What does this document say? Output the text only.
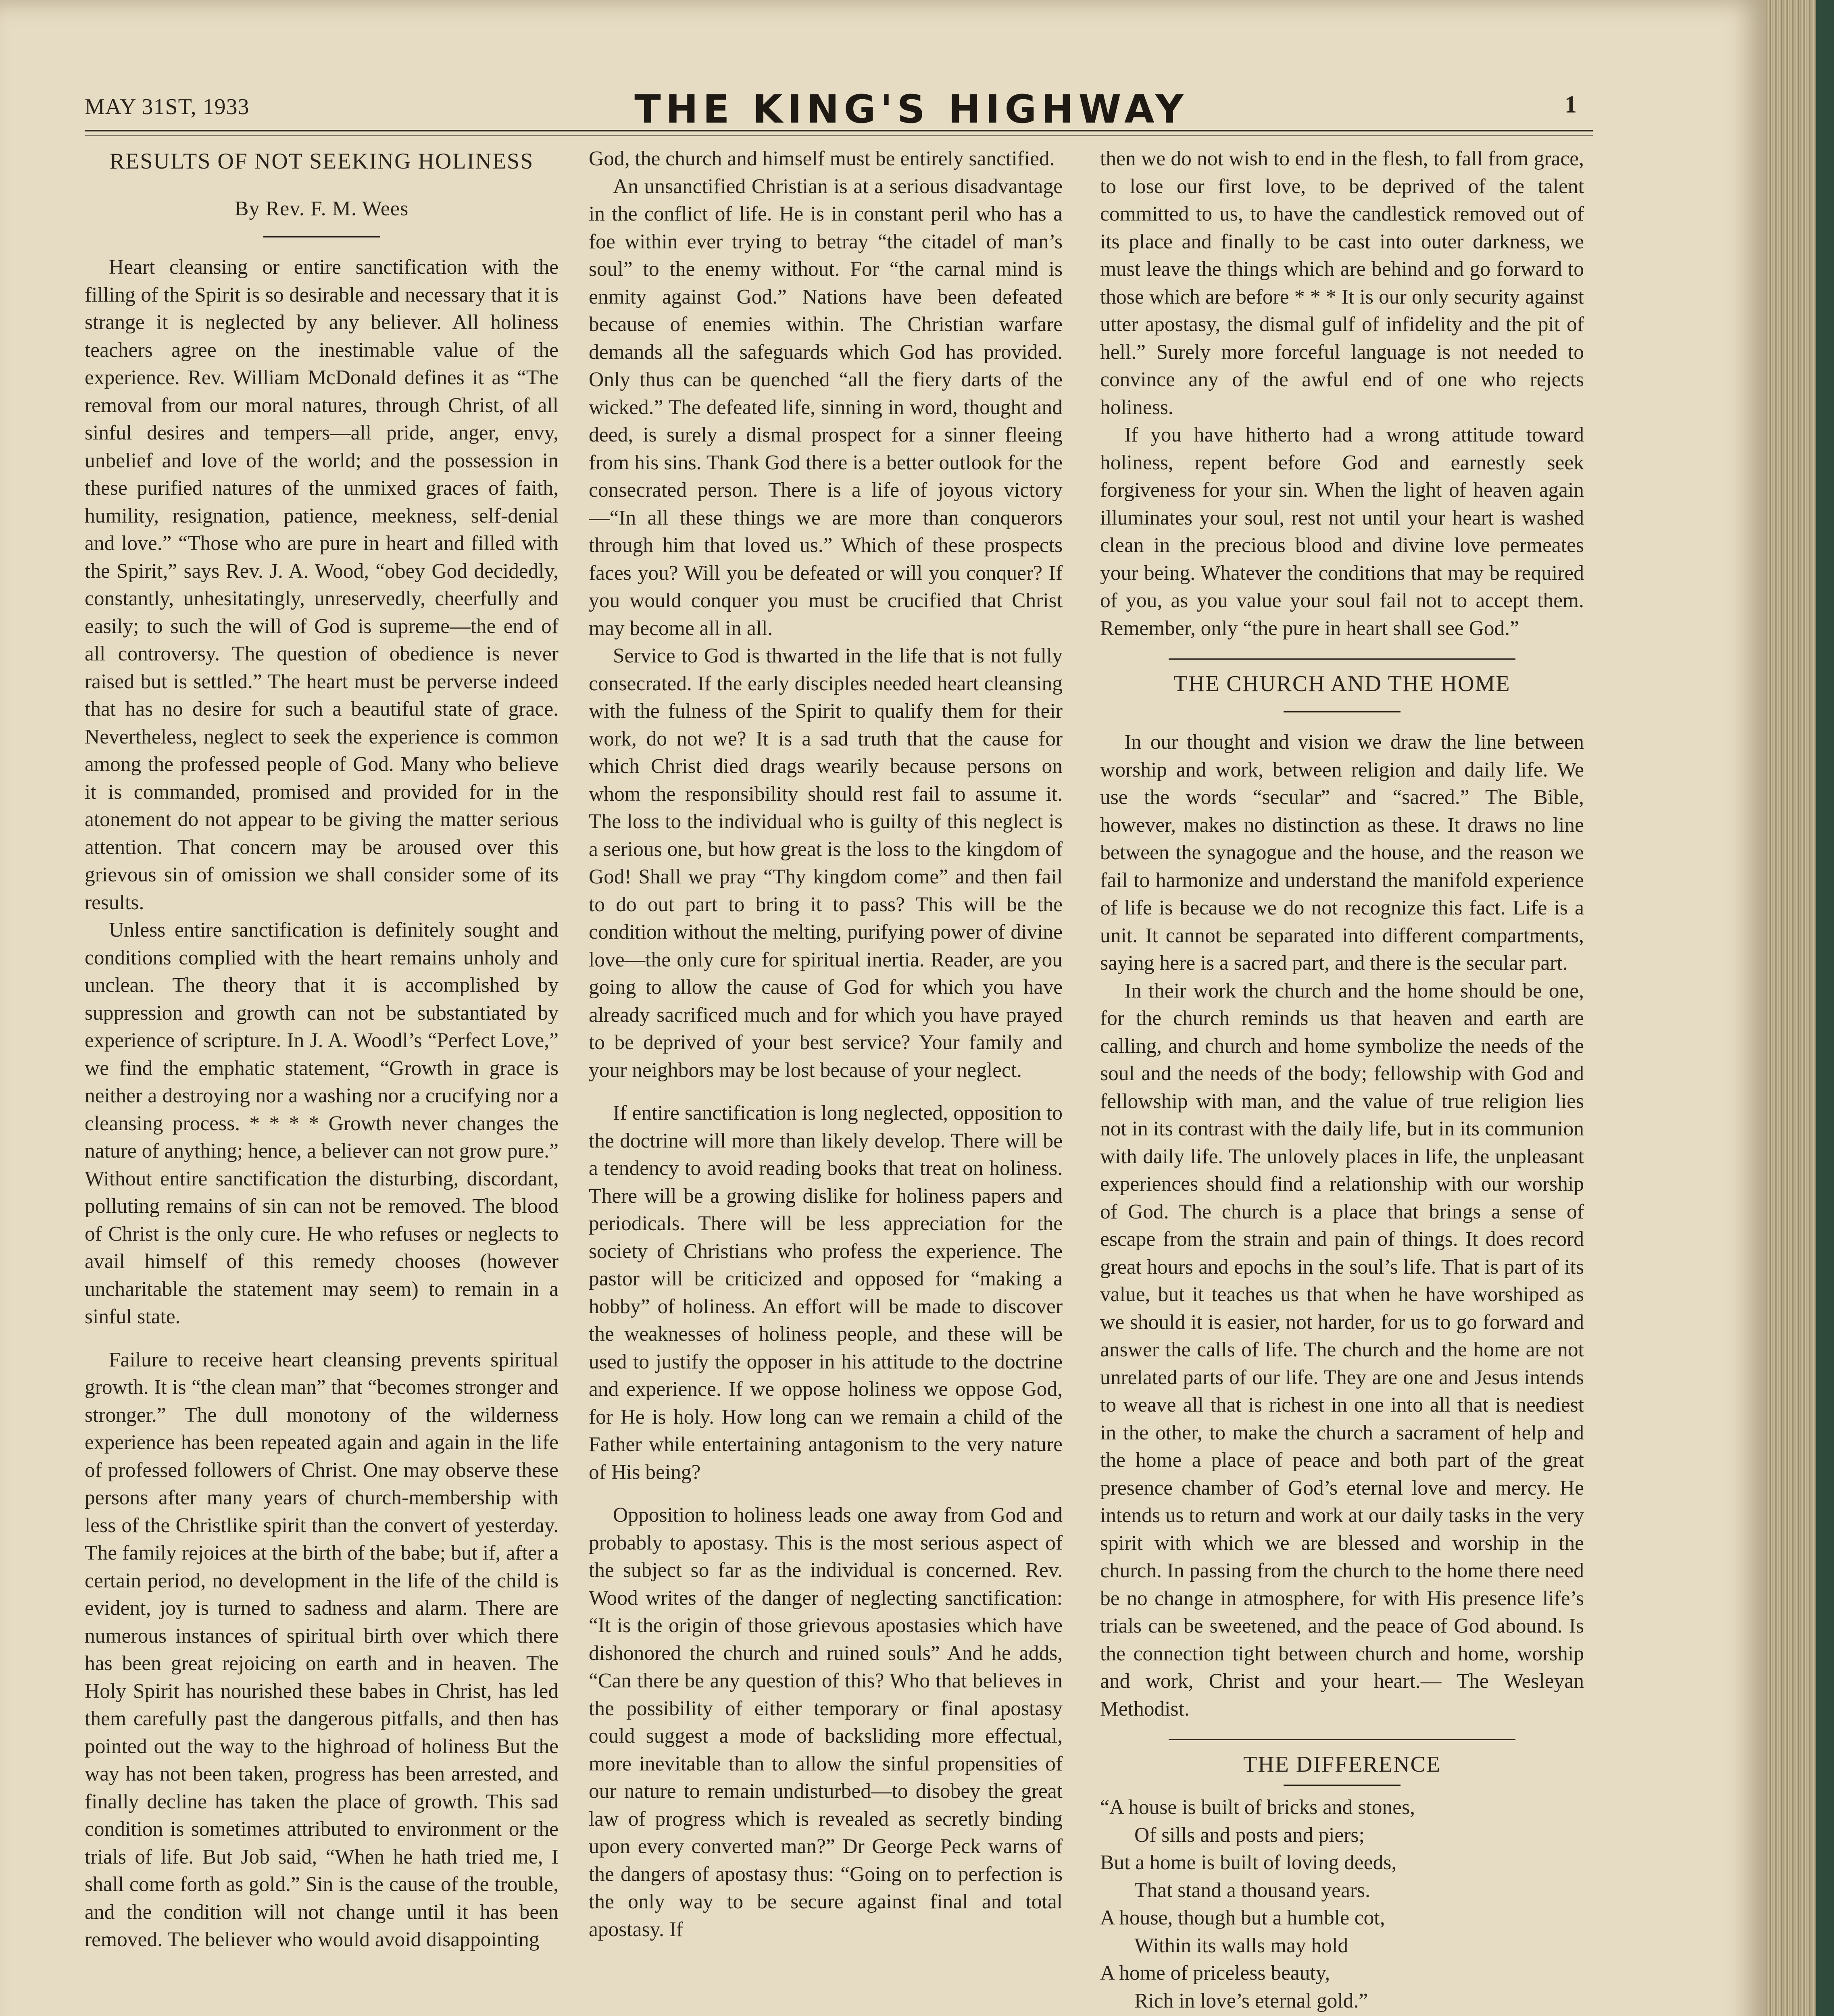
MAY 31ST, 1933	THE KING'S HIGHWAY	1
RESULTS OF NOT SEEKING HOLINESS
By Rev. F. M. Wees

Heart cleansing or entire sanctification with the filling of the Spirit is so desirable and necessary that it is strange it is neglected by any believer. All holiness teachers agree on the inestimable value of the experience. Rev. William McDonald defines it as “The removal from our moral natures, through Christ, of all sinful desires and tempers—all pride, anger, envy, unbelief and love of the world; and the possession in these purified natures of the unmixed graces of faith, humility, resignation, patience, meekness, self-denial and love.” “Those who are pure in heart and filled with the Spirit,” says Rev. J. A. Wood, “obey God decidedly, constantly, unhesitatingly, unreservedly, cheerfully and easily; to such the will of God is supreme—the end of all controversy. The question of obedience is never raised but is settled.” The heart must be perverse indeed that has no desire for such a beautiful state of grace. Nevertheless, neglect to seek the experience is common among the professed people of God. Many who believe it is commanded, promised and provided for in the atonement do not appear to be giving the matter serious attention. That concern may be aroused over this grievous sin of omission we shall consider some of its results.

Unless entire sanctification is definitely sought and conditions complied with the heart remains unholy and unclean. The theory that it is accomplished by suppression and growth can not be substantiated by experience of scripture. In J. A. Woodl’s “Perfect Love,” we find the emphatic statement, “Growth in grace is neither a destroying nor a washing nor a crucifying nor a cleansing process. * * * * Growth never changes the nature of anything; hence, a believer can not grow pure.” Without entire sanctification the disturbing, discordant, polluting remains of sin can not be removed. The blood of Christ is the only cure. He who refuses or neglects to avail himself of this remedy chooses (however uncharitable the statement may seem) to remain in a sinful state.

Failure to receive heart cleansing prevents spiritual growth. It is “the clean man” that “becomes stronger and stronger.” The dull monotony of the wilderness experience has been repeated again and again in the life of professed followers of Christ. One may observe these persons after many years of church-membership with less of the Christlike spirit than the convert of yesterday. The family rejoices at the birth of the babe; but if, after a certain period, no development in the life of the child is evident, joy is turned to sadness and alarm. There are numerous instances of spiritual birth over which there has been great rejoicing on earth and in heaven. The Holy Spirit has nourished these babes in Christ, has led them carefully past the dangerous pitfalls, and then has pointed out the way to the highroad of holiness But the way has not been taken, progress has been arrested, and finally decline has taken the place of growth. This sad condition is sometimes attributed to environment or the trials of life. But Job said, “When he hath tried me, I shall come forth as gold.” Sin is the cause of the trouble, and the condition will not change until it has been removed. The believer who would avoid disappointing

God, the church and himself must be entirely sanctified.

An unsanctified Christian is at a serious disadvantage in the conflict of life. He is in constant peril who has a foe within ever trying to betray “the citadel of man’s soul” to the enemy without. For “the carnal mind is enmity against God.” Nations have been defeated because of enemies within. The Christian warfare demands all the safeguards which God has provided. Only thus can be quenched “all the fiery darts of the wicked.” The defeated life, sinning in word, thought and deed, is surely a dismal prospect for a sinner fleeing from his sins. Thank God there is a better outlook for the consecrated person. There is a life of joyous victory—“In all these things we are more than conquerors through him that loved us.” Which of these prospects faces you? Will you be defeated or will you conquer? If you would conquer you must be crucified that Christ may become all in all.

Service to God is thwarted in the life that is not fully consecrated. If the early disciples needed heart cleansing with the fulness of the Spirit to qualify them for their work, do not we? It is a sad truth that the cause for which Christ died drags wearily because persons on whom the responsibility should rest fail to assume it. The loss to the individual who is guilty of this neglect is a serious one, but how great is the loss to the kingdom of God! Shall we pray “Thy kingdom come” and then fail to do out part to bring it to pass? This will be the condition without the melting, purifying power of divine love—the only cure for spiritual inertia. Reader, are you going to allow the cause of God for which you have already sacrificed much and for which you have prayed to be deprived of your best service? Your family and your neighbors may be lost because of your neglect.

If entire sanctification is long neglected, opposition to the doctrine will more than likely develop. There will be a tendency to avoid reading books that treat on holiness. There will be a growing dislike for holiness papers and periodicals. There will be less appreciation for the society of Christians who profess the experience. The pastor will be criticized and opposed for “making a hobby” of holiness. An effort will be made to discover the weaknesses of holiness people, and these will be used to justify the opposer in his attitude to the doctrine and experience. If we oppose holiness we oppose God, for He is holy. How long can we remain a child of the Father while entertaining antagonism to the very nature of His being?

Opposition to holiness leads one away from God and probably to apostasy. This is the most serious aspect of the subject so far as the individual is concerned. Rev. Wood writes of the danger of neglecting sanctification: “It is the origin of those grievous apostasies which have dishonored the church and ruined souls” And he adds, “Can there be any question of this? Who that believes in the possibility of either temporary or final apostasy could suggest a mode of backsliding more effectual, more inevitable than to allow the sinful propensities of our nature to remain undisturbed—to disobey the great law of progress which is revealed as secretly binding upon every converted man?” Dr George Peck warns of the dangers of apostasy thus: “Going on to perfection is the only way to be secure against final and total apostasy. If

then we do not wish to end in the flesh, to fall from grace, to lose our first love, to be deprived of the talent committed to us, to have the candlestick removed out of its place and finally to be cast into outer darkness, we must leave the things which are behind and go forward to those which are before * * * It is our only security against utter apostasy, the dismal gulf of infidelity and the pit of hell.” Surely more forceful language is not needed to convince any of the awful end of one who rejects holiness.

If you have hitherto had a wrong attitude toward holiness, repent before God and earnestly seek forgiveness for your sin. When the light of heaven again illuminates your soul, rest not until your heart is washed clean in the precious blood and divine love permeates your being. Whatever the conditions that may be required of you, as you value your soul fail not to accept them. Remember, only “the pure in heart shall see God.”

THE CHURCH AND THE HOME

In our thought and vision we draw the line between worship and work, between religion and daily life. We use the words “secular” and “sacred.” The Bible, however, makes no distinction as these. It draws no line between the synagogue and the house, and the reason we fail to harmonize and understand the manifold experience of life is because we do not recognize this fact. Life is a unit. It cannot be separated into different compartments, saying here is a sacred part, and there is the secular part.

In their work the church and the home should be one, for the church reminds us that heaven and earth are calling, and church and home symbolize the needs of the soul and the needs of the body; fellowship with God and fellowship with man, and the value of true religion lies not in its contrast with the daily life, but in its communion with daily life. The unlovely places in life, the unpleasant experiences should find a relationship with our worship of God. The church is a place that brings a sense of escape from the strain and pain of things. It does record great hours and epochs in the soul’s life. That is part of its value, but it teaches us that when he have worshiped as we should it is easier, not harder, for us to go forward and answer the calls of life. The church and the home are not unrelated parts of our life. They are one and Jesus intends to weave all that is richest in one into all that is neediest in the other, to make the church a sacrament of help and the home a place of peace and both part of the great presence chamber of God’s eternal love and mercy. He intends us to return and work at our daily tasks in the very spirit with which we are blessed and worship in the church. In passing from the church to the home there need be no change in atmosphere, for with His presence life’s trials can be sweetened, and the peace of God abound. Is the connection tight between church and home, worship and work, Christ and your heart.— The Wesleyan Methodist.

THE DIFFERENCE
“A house is built of bricks and stones,
Of sills and posts and piers;
But a home is built of loving deeds,
That stand a thousand years.
A house, though but a humble cot,
Within its walls may hold
A home of priceless beauty,
Rich in love’s eternal gold.”
